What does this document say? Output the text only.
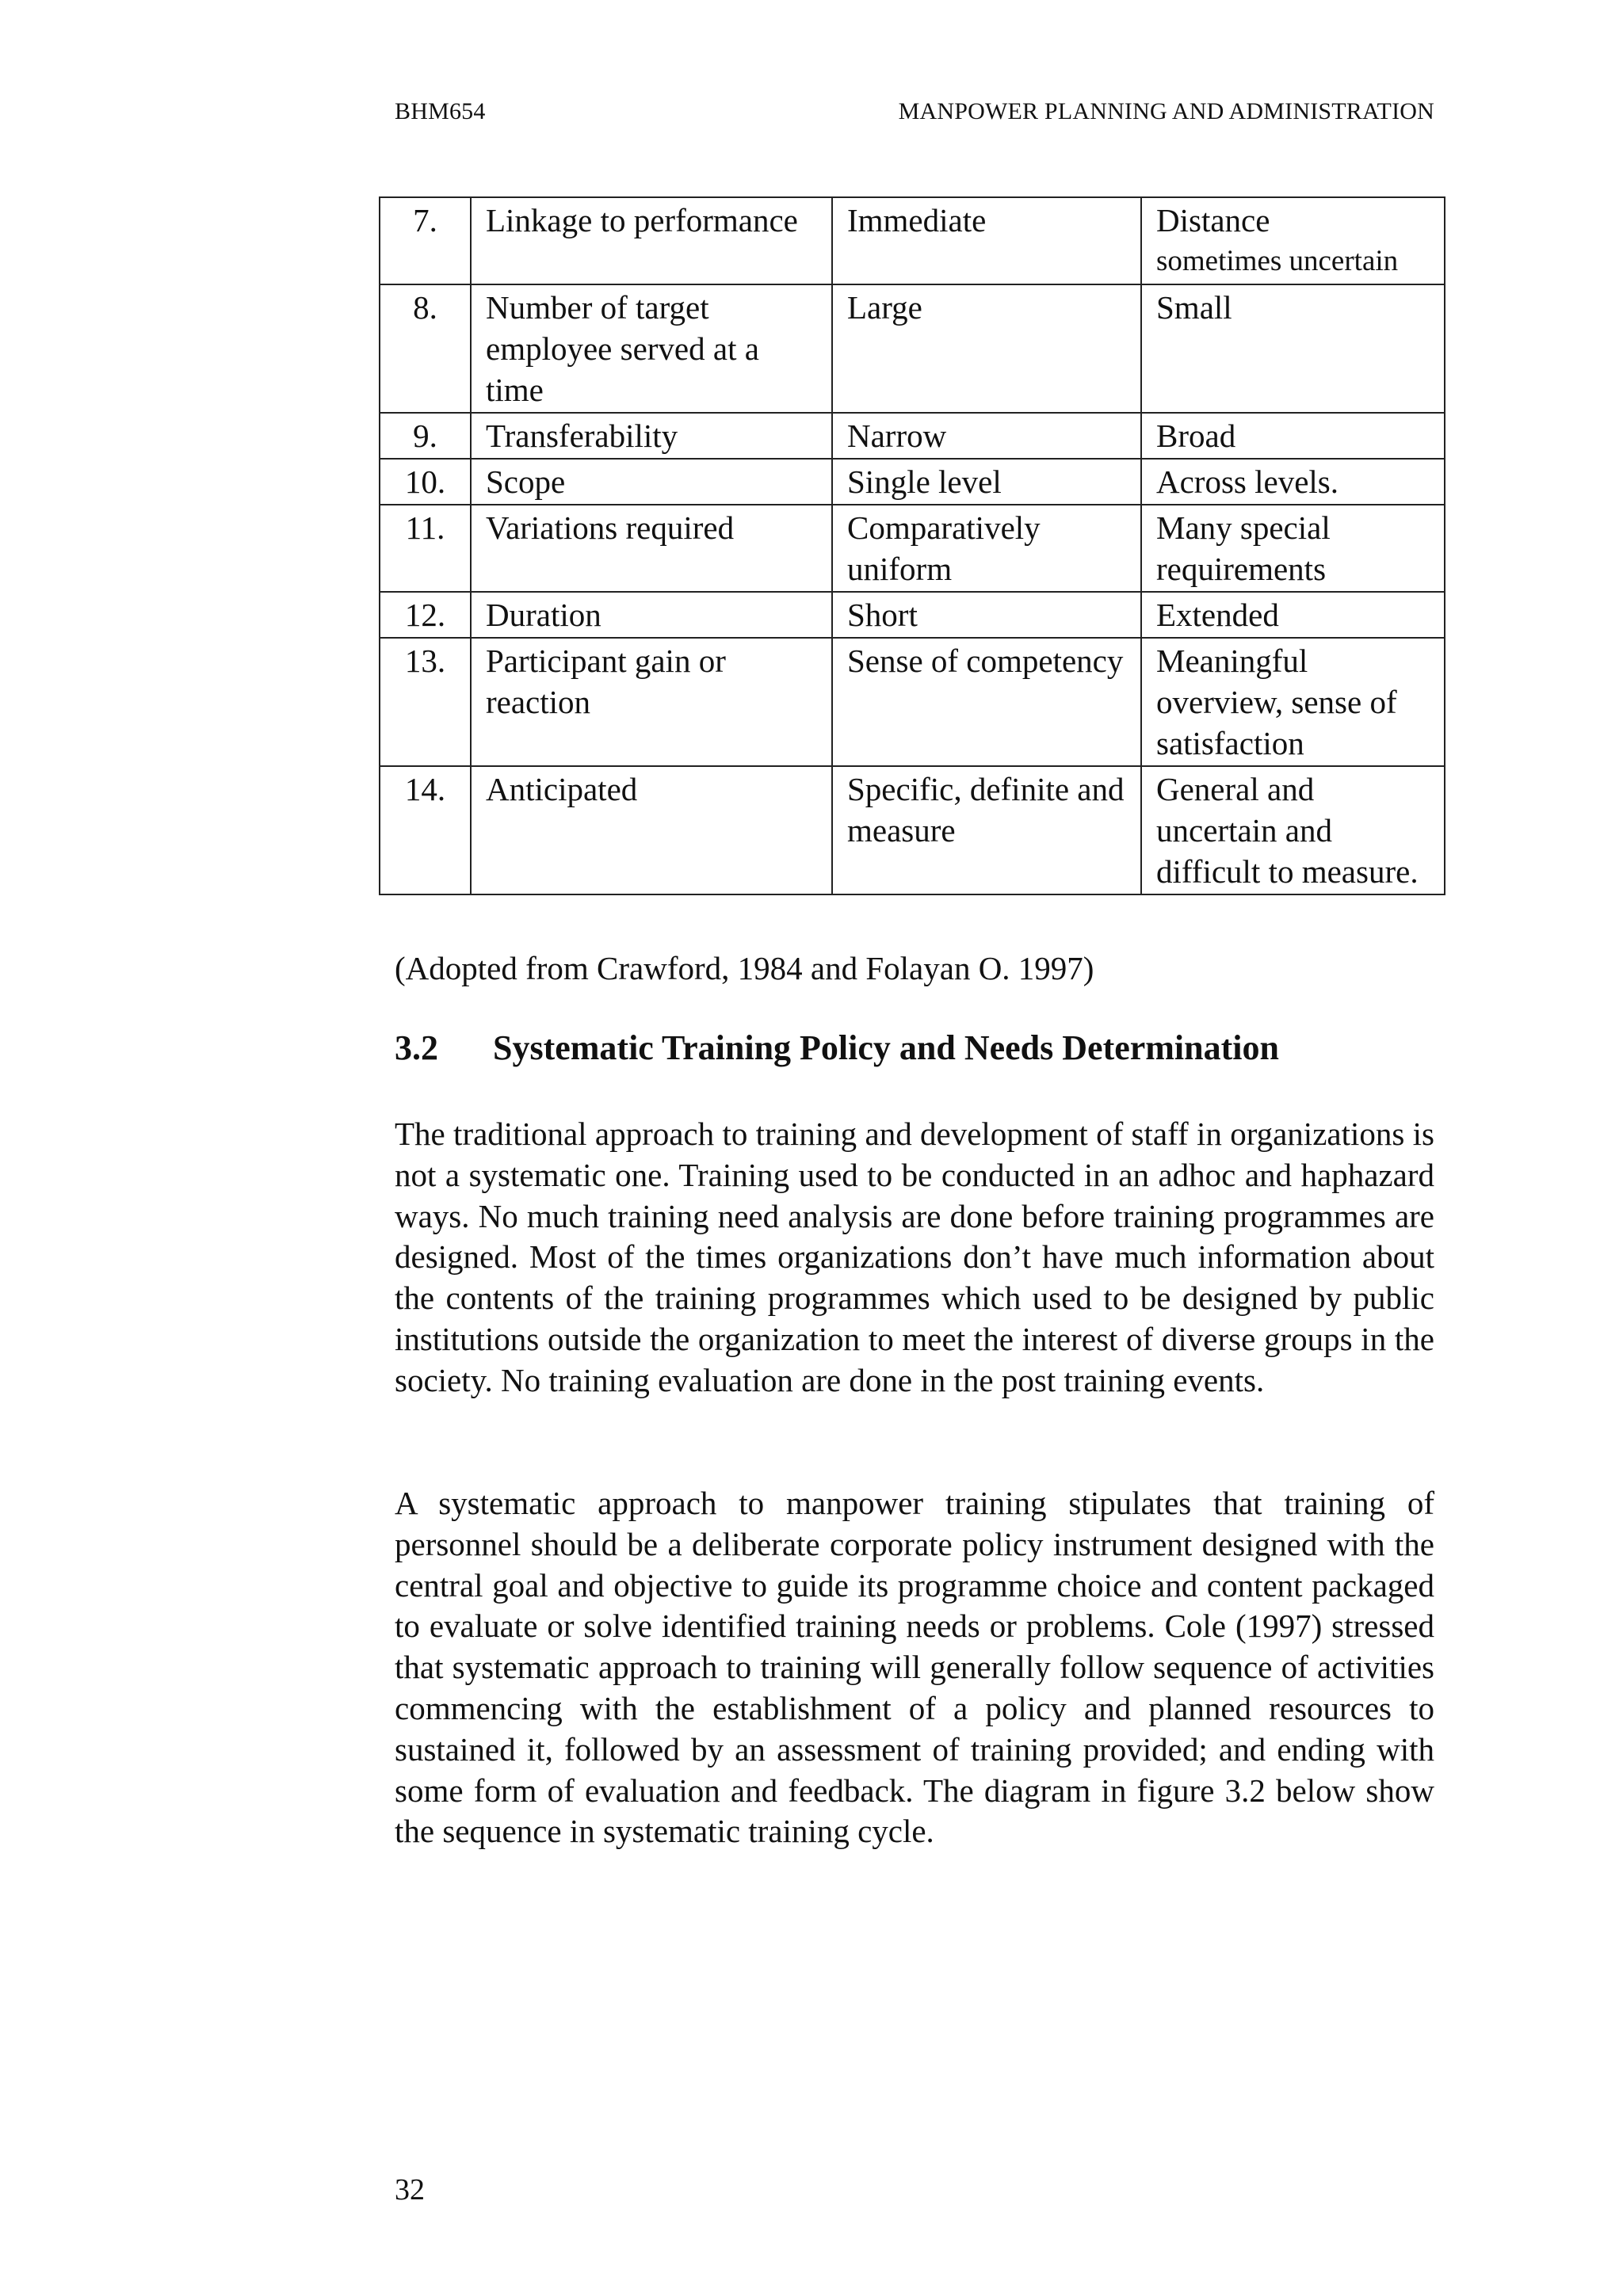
BHM654	MANPOWER PLANNING AND ADMINISTRATION
7.	Linkage to performance	Immediate	Distance
sometimes uncertain

8.	Number of target employee served at a time	Large	Small
9.	Transferability	Narrow	Broad
10.	Scope	Single level	Across levels.
11.	Variations required	Comparatively uniform	Many special requirements
12.	Duration	Short	Extended
13.	Participant gain or reaction	Sense of competency	Meaningful overview, sense of satisfaction
14.	Anticipated	Specific, definite and measure	General and uncertain and difficult to measure.
(Adopted from Crawford, 1984 and Folayan O. 1997)
3.2 Systematic Training Policy and Needs Determination

The traditional approach to training and development of staff in organizations is not a systematic one. Training used to be conducted in an adhoc and haphazard ways. No much training need analysis are done before training programmes are designed. Most of the times organizations don’t have much information about the contents of the training programmes which used to be designed by public institutions outside the organization to meet the interest of diverse groups in the society. No training evaluation are done in the post training events.

A systematic approach to manpower training stipulates that training of personnel should be a deliberate corporate policy instrument designed with the central goal and objective to guide its programme choice and content packaged to evaluate or solve identified training needs or problems. Cole (1997) stressed that systematic approach to training will generally follow sequence of activities commencing with the establishment of a policy and planned resources to sustained it, followed by an assessment of training provided; and ending with some form of evaluation and feedback. The diagram in figure 3.2 below show the sequence in systematic training cycle.

32
